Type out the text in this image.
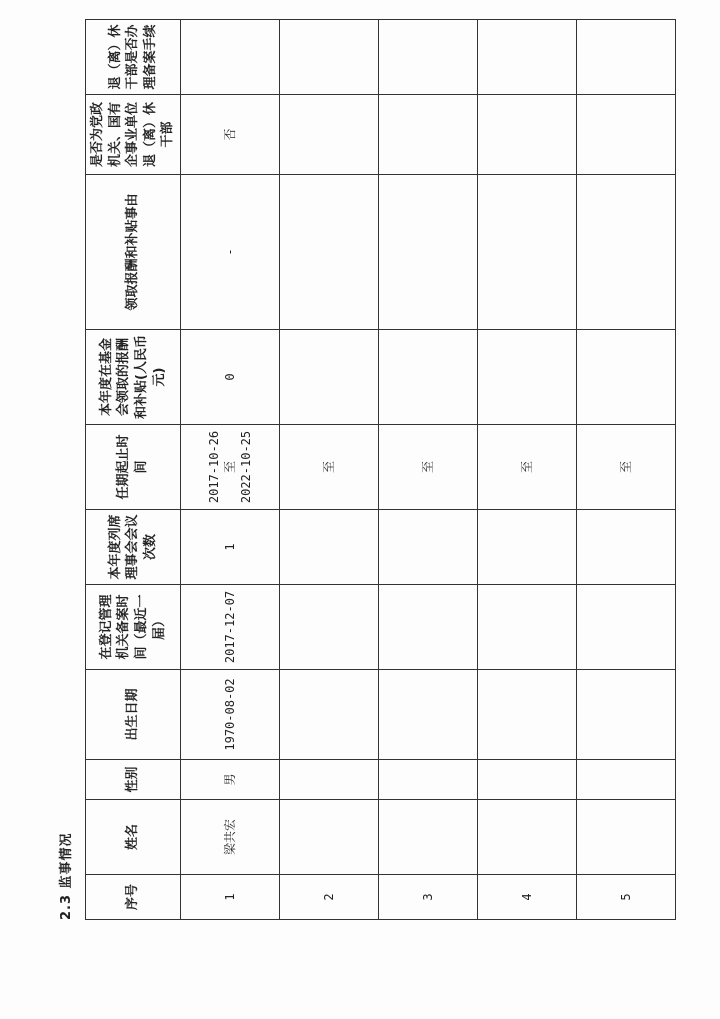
2.3 监事情况	序号	姓名	性别	出生日期	在登记管理机关备案时间（最近一届）	本年度列席理事会会议次数	任期起止时间	本年度在基金会领取的报酬和补贴(人民币元)	领取报酬和补贴事由	是否为党政机关、国有企事业单位退（离）休干部	退（离）休干部是否办理备案手续
1	梁共宏	男	1970-08-02	2017-12-07	1	2017-10-26 至 2022-10-25	0	-	否	
2						至				

3						至				

4						至				

5						至				
